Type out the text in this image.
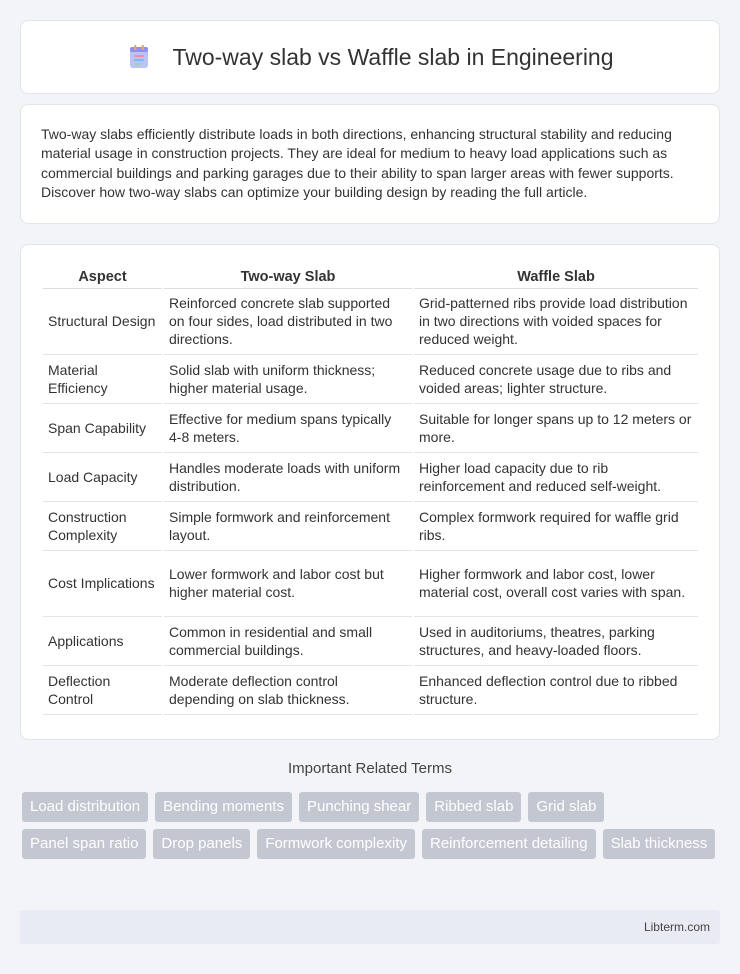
Two-way slab vs Waffle slab in Engineering

Two-way slabs efficiently distribute loads in both directions, enhancing structural stability and reducing material usage in construction projects. They are ideal for medium to heavy load applications such as commercial buildings and parking garages due to their ability to span larger areas with fewer supports. Discover how two-way slabs can optimize your building design by reading the full article.

Aspect	Two-way Slab	Waffle Slab
Structural Design	Reinforced concrete slab supported on four sides, load distributed in two directions.	Grid-patterned ribs provide load distribution in two directions with voided spaces for reduced weight.
Material Efficiency	Solid slab with uniform thickness; higher material usage.	Reduced concrete usage due to ribs and voided areas; lighter structure.
Span Capability	Effective for medium spans typically 4-8 meters.	Suitable for longer spans up to 12 meters or more.
Load Capacity	Handles moderate loads with uniform distribution.	Higher load capacity due to rib reinforcement and reduced self-weight.
Construction Complexity	Simple formwork and reinforcement layout.	Complex formwork required for waffle grid ribs.
Cost Implications	Lower formwork and labor cost but higher material cost.	Higher formwork and labor cost, lower material cost, overall cost varies with span.
Applications	Common in residential and small commercial buildings.	Used in auditoriums, theatres, parking structures, and heavy-loaded floors.
Deflection Control	Moderate deflection control depending on slab thickness.	Enhanced deflection control due to ribbed structure.
Important Related Terms
Load distribution	Bending moments	Punching shear	Ribbed slab	Grid slab
Panel span ratio	Drop panels	Formwork complexity	Reinforcement detailing	Slab thickness
Libterm.com
